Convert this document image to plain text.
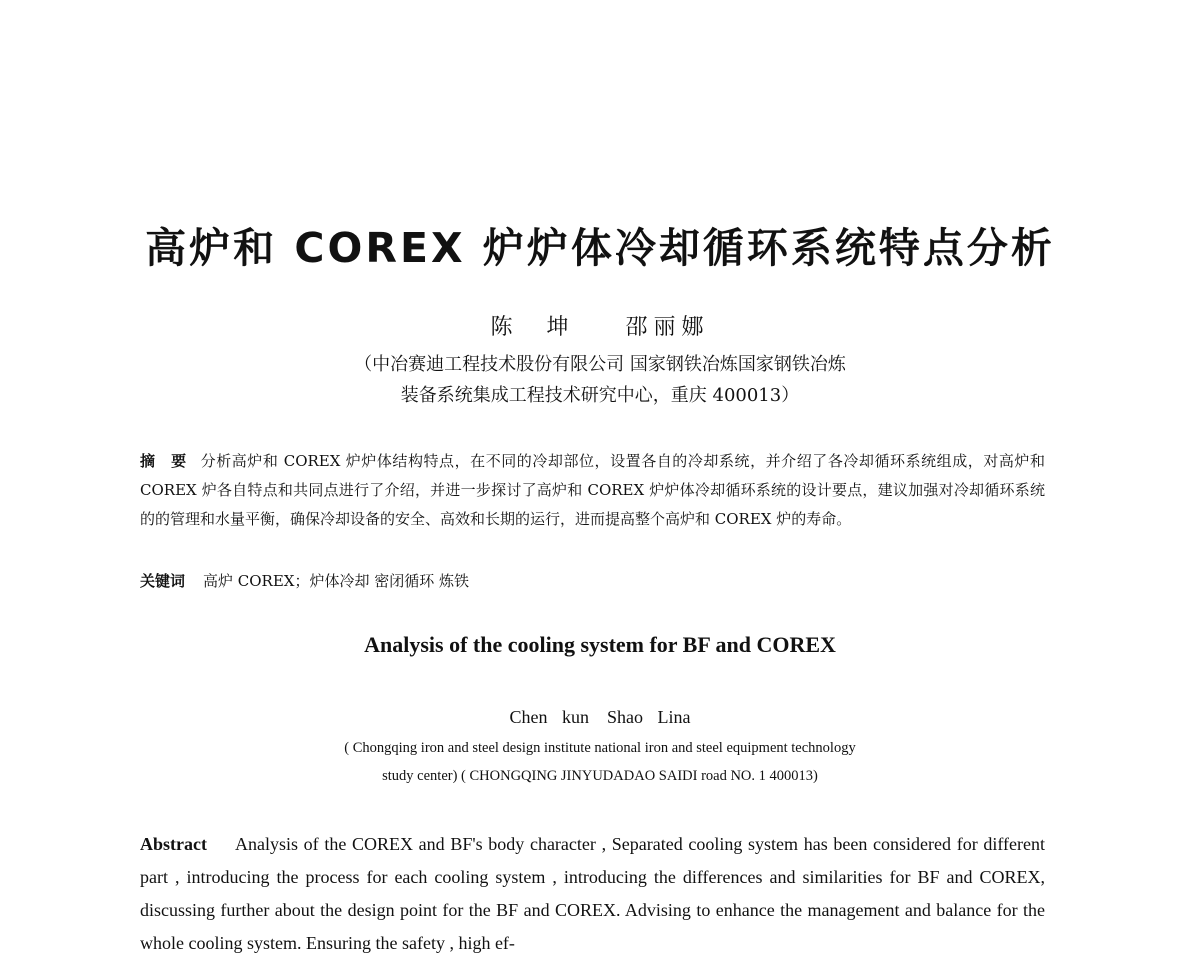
高炉和 COREX 炉炉体冷却循环系统特点分析
陈　坤 邵丽娜
（中冶赛迪工程技术股份有限公司 国家钢铁冶炼国家钢铁冶炼
装备系统集成工程技术研究中心，重庆 400013）
摘　要 分析高炉和 COREX 炉炉体结构特点，在不同的冷却部位，设置各自的冷却系统，并介绍了各冷却循环系统组成，对高炉和 COREX 炉各自特点和共同点进行了介绍，并进一步探讨了高炉和 COREX 炉炉体冷却循环系统的设计要点，建议加强对冷却循环系统的的管理和水量平衡，确保冷却设备的安全、高效和长期的运行，进而提高整个高炉和 COREX 炉的寿命。
关键词 高炉 COREX；炉体冷却 密闭循环 炼铁
Analysis of the cooling system for BF and COREX
Chen kun　Shao Lina
( Chongqing iron and steel design institute national iron and steel equipment technology
study center) ( CHONGQING JINYUDADAO SAIDI road NO. 1 400013)
Abstract Analysis of the COREX and BF's body character , Separated cooling system has been considered for different part , introducing the process for each cooling system , introducing the differences and similarities for BF and COREX, discussing further about the design point for the BF and COREX. Advising to enhance the management and balance for the whole cooling system. Ensuring the safety , high ef-
